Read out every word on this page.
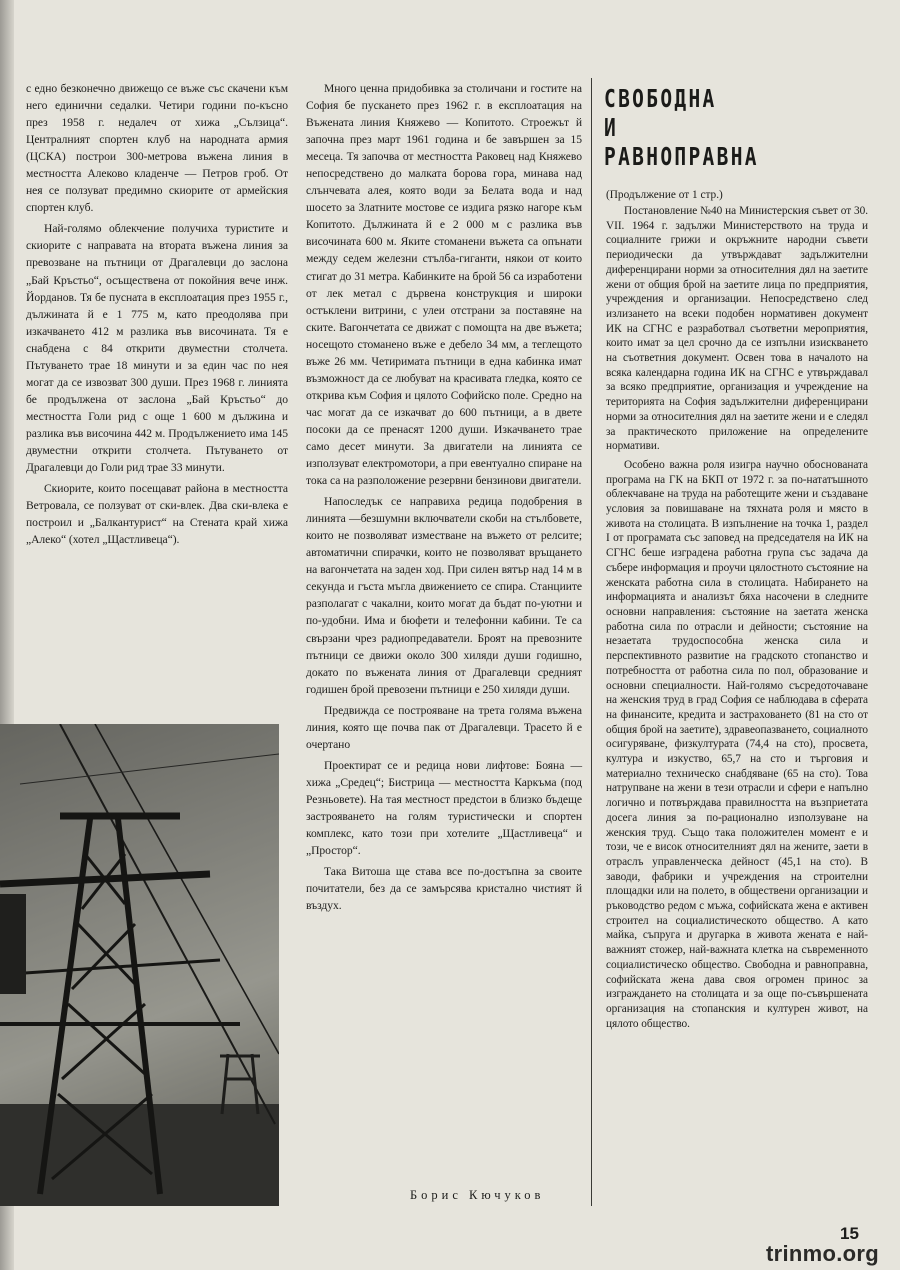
с едно безконечно движещо се въже със скачени към него единични седалки. Четири години по-късно през 1958 г. недалеч от хижа „Сълзица“. Централният спортен клуб на народната армия (ЦСКА) построи 300-метрова въжена линия в местността Алеково кладенче — Петров гроб. От нея се ползуват предимно скиорите от армейския спортен клуб.

Най-голямо облекчение получиха туристите и скиорите с направата на втората въжена линия за превозване на пътници от Драгалевци до заслона „Бай Кръстьо“, осъществена от покойния вече инж. Йорданов. Тя бе пусната в експлоатация през 1955 г., дължината й е 1 775 м, като преодолява при изкачването 412 м разлика във височината. Тя е снабдена с 84 открити двуместни столчета. Пътуването трае 18 минути и за един час по нея могат да се извозват 300 души. През 1968 г. линията бе продължена от заслона „Бай Кръстьо“ до местността Голи рид с още 1 600 м дължина и разлика във височина 442 м. Продължението има 145 двуместни открити столчета. Пътуването от Драгалевци до Голи рид трае 33 минути.

Скиорите, които посещават района в местността Ветровала, се ползуват от ски-влек. Два ски-влека е построил и „Балкантурист“ на Стената край хижа „Алеко“ (хотел „Щастливеца“).

Много ценна придобивка за столичани и гостите на София бе пускането през 1962 г. в експлоатация на Въжената линия Княжево — Копитото. Строежът й започна през март 1961 година и бе завършен за 15 месеца. Тя започва от местността Раковец над Княжево непосредствено до малката борова гора, минава над слънчевата алея, която води за Белата вода и над шосето за Златните мостове се издига рязко нагоре към Копитото. Дължината й е 2 000 м с разлика във височината 600 м. Яките стоманени въжета са опънати между седем железни стълба-гиганти, някои от които стигат до 31 метра. Кабинките на брой 56 са изработени от лек метал с дървена конструкция и широки остъклени витрини, с улеи отстрани за поставяне на ските. Вагончетата се движат с помощта на две въжета; носещото стоманено въже е дебело 34 мм, а теглещото въже 26 мм. Четиримата пътници в една кабинка имат възможност да се любуват на красивата гледка, която се открива към София и цялото Софийско поле. Средно на час могат да се изкачват до 600 пътници, а в двете посоки да се пренасят 1200 души. Изкачването трае само десет минути. За двигатели на линията се използуват електромотори, а при евентуално спиране на тока са на разположение резервни бензинови двигатели.

Напоследък се направиха редица подобрения в линията —безшумни включватели скоби на стълбовете, които не позволяват изместване на въжето от релсите; автоматични спирачки, които не позволяват връщането на вагончетата на заден ход. При силен вятър над 14 м в секунда и гъста мъгла движението се спира. Станциите разполагат с чакални, които могат да бъдат по-уютни и по-удобни. Има и бюфети и телефонни кабини. Те са свързани чрез радиопредаватели. Броят на превозните пътници се движи около 300 хиляди души годишно, докато по въжената линия от Драгалевци средният годишен брой превозени пътници е 250 хиляди души.

Предвижда се построяване на трета голяма въжена линия, която ще почва пак от Драгалевци. Трасето й е очертано

Проектират се и редица нови лифтове: Бояна — хижа „Средец“; Бистрица — местността Каркъма (под Резньовете). На тая местност предстои в близко бъдеще застрояването на голям туристически и спортен комплекс, като този при хотелите „Щастливеца“ и „Простор“.

Така Витоша ще става все по-достъпна за своите почитатели, без да се замърсява кристално чистият й въздух.

Борис Кючуков
СВОБОДНА
И
РАВНОПРАВНА
(Продължение от 1 стр.)

Постановление №40 на Министерския съвет от 30. VII. 1964 г. задължи Министерството на труда и социалните грижи и окръжните народни съвети периодически да утвърждават задължителни диференцирани норми за относителния дял на заетите жени от общия брой на заетите лица по предприятия, учреждения и организации. Непосредствено след излизането на всеки подобен нормативен документ ИК на СГНС е разработвал съответни мероприятия, които имат за цел срочно да се изпълни изискването на съответния документ. Освен това в началото на всяка календарна година ИК на СГНС е утвърждавал за всяко предприятие, организация и учреждение на територията на София задължителни диференцирани норми за относителния дял на заетите жени и е следял за практическото приложение на определените нормативи.

Особено важна роля изигра научно обоснованата програма на ГК на БКП от 1972 г. за по-нататъшното облекчаване на труда на работещите жени и създаване условия за повишаване на тяхната роля и място в живота на столицата. В изпълнение на точка 1, раздел I от програмата със заповед на председателя на ИК на СГНС беше изградена работна група със задача да събере информация и проучи цялостното състояние на женската работна сила в столицата. Набирането на информацията и анализът бяха насочени в следните основни направления: състояние на заетата женска работна сила по отрасли и дейности; състояние на незаетата трудоспособна женска сила и перспективното развитие на градското стопанство и потребността от работна сила по пол, образование и основни специалности. Най-голямо съсредоточаване на женския труд в град София се наблюдава в сферата на финансите, кредита и застраховането (81 на сто от общия брой на заетите), здравеопазването, социалното осигуряване, физкултурата (74,4 на сто), просвета, култура и изкуство, 65,7 на сто и търговия и материално техническо снабдяване (65 на сто). Това натрупване на жени в тези отрасли и сфери е напълно логично и потвърждава правилността на възприетата досега линия за по-рационално използуване на женския труд. Също така положителен момент е и този, че е висок относителният дял на жените, заети в отраслъ управленческа дейност (45,1 на сто). В заводи, фабрики и учреждения на строителни площадки или на полето, в обществени организации и ръководство редом с мъжа, софийската жена е активен строител на социалистическото общество. А като майка, съпруга и другарка в живота жената е най-важният стожер, най-важната клетка на съвременното социалистическо общество. Свободна и равноправна, софийската жена дава своя огромен принос за изграждането на столицата и за още по-съвършената организация на стопанския и културен живот, на цялото общество.

15
trinmo.org
